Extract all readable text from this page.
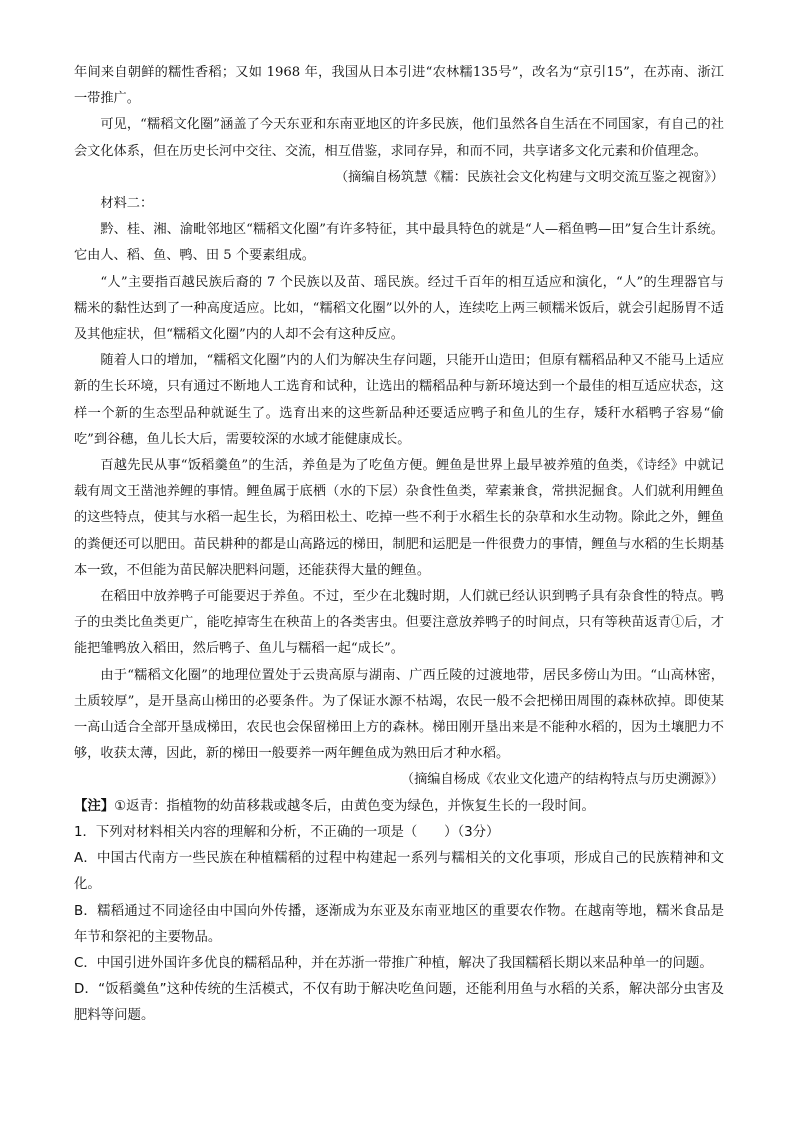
年间来自朝鲜的糯性香稻；又如 1968 年，我国从日本引进“农林糯135号”，改名为“京引15”，在苏南、浙江一带推广。

可见，“糯稻文化圈”涵盖了今天东亚和东南亚地区的许多民族，他们虽然各自生活在不同国家，有自己的社会文化体系，但在历史长河中交往、交流，相互借鉴，求同存异，和而不同，共享诸多文化元素和价值理念。

（摘编自杨筑慧《糯：民族社会文化构建与文明交流互鉴之视窗》）

材料二：

黔、桂、湘、渝毗邻地区“糯稻文化圈”有许多特征，其中最具特色的就是“人—稻鱼鸭—田”复合生计系统。它由人、稻、鱼、鸭、田 5 个要素组成。

“人”主要指百越民族后裔的 7 个民族以及苗、瑶民族。经过千百年的相互适应和演化，“人”的生理器官与糯米的黏性达到了一种高度适应。比如，“糯稻文化圈”以外的人，连续吃上两三顿糯米饭后，就会引起肠胃不适及其他症状，但“糯稻文化圈”内的人却不会有这种反应。

随着人口的增加，“糯稻文化圈”内的人们为解决生存问题，只能开山造田；但原有糯稻品种又不能马上适应新的生长环境，只有通过不断地人工选育和试种，让选出的糯稻品种与新环境达到一个最佳的相互适应状态，这样一个新的生态型品种就诞生了。选育出来的这些新品种还要适应鸭子和鱼儿的生存，矮秆水稻鸭子容易“偷吃”到谷穗，鱼儿长大后，需要较深的水域才能健康成长。

百越先民从事“饭稻羹鱼”的生活，养鱼是为了吃鱼方便。鲤鱼是世界上最早被养殖的鱼类，《诗经》中就记载有周文王凿池养鲤的事情。鲤鱼属于底栖（水的下层）杂食性鱼类，荤素兼食，常拱泥掘食。人们就利用鲤鱼的这些特点，使其与水稻一起生长，为稻田松土、吃掉一些不利于水稻生长的杂草和水生动物。除此之外，鲤鱼的粪便还可以肥田。苗民耕种的都是山高路远的梯田，制肥和运肥是一件很费力的事情，鲤鱼与水稻的生长期基本一致，不但能为苗民解决肥料问题，还能获得大量的鲤鱼。

在稻田中放养鸭子可能要迟于养鱼。不过，至少在北魏时期，人们就已经认识到鸭子具有杂食性的特点。鸭子的虫类比鱼类更广，能吃掉寄生在秧苗上的各类害虫。但要注意放养鸭子的时间点，只有等秧苗返青①后，才能把雏鸭放入稻田，然后鸭子、鱼儿与糯稻一起“成长”。

由于“糯稻文化圈”的地理位置处于云贵高原与湖南、广西丘陵的过渡地带，居民多傍山为田。“山高林密，土质较厚”，是开垦高山梯田的必要条件。为了保证水源不枯竭，农民一般不会把梯田周围的森林砍掉。即使某一高山适合全部开垦成梯田，农民也会保留梯田上方的森林。梯田刚开垦出来是不能种水稻的，因为土壤肥力不够，收获太薄，因此，新的梯田一般要养一两年鲤鱼成为熟田后才种水稻。

（摘编自杨成《农业文化遗产的结构特点与历史溯源》）

【注】①返青：指植物的幼苗移栽或越冬后，由黄色变为绿色，并恢复生长的一段时间。

1．下列对材料相关内容的理解和分析，不正确的一项是（　　）（3分）

A．中国古代南方一些民族在种植糯稻的过程中构建起一系列与糯相关的文化事项，形成自己的民族精神和文化。

B．糯稻通过不同途径由中国向外传播，逐渐成为东亚及东南亚地区的重要农作物。在越南等地，糯米食品是年节和祭祀的主要物品。

C．中国引进外国许多优良的糯稻品种，并在苏浙一带推广种植，解决了我国糯稻长期以来品种单一的问题。

D．“饭稻羹鱼”这种传统的生活模式，不仅有助于解决吃鱼问题，还能利用鱼与水稻的关系，解决部分虫害及肥料等问题。
